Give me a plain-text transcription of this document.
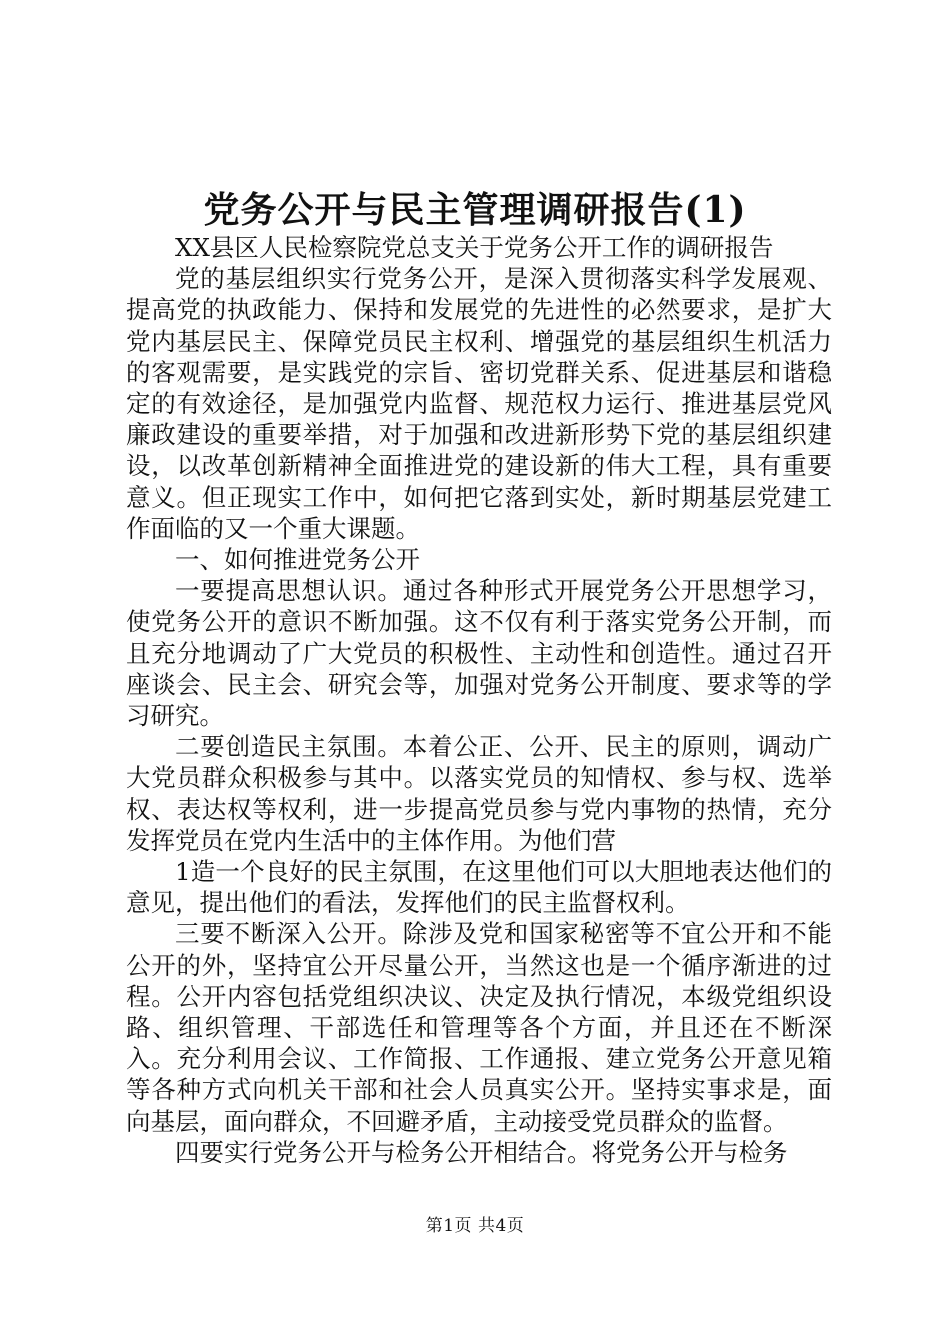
党务公开与民主管理调研报告(1)

XX县区人民检察院党总支关于党务公开工作的调研报告

党的基层组织实行党务公开，是深入贯彻落实科学发展观、提高党的执政能力、保持和发展党的先进性的必然要求，是扩大党内基层民主、保障党员民主权利、增强党的基层组织生机活力的客观需要，是实践党的宗旨、密切党群关系、促进基层和谐稳定的有效途径，是加强党内监督、规范权力运行、推进基层党风廉政建设的重要举措，对于加强和改进新形势下党的基层组织建设，以改革创新精神全面推进党的建设新的伟大工程，具有重要意义。但正现实工作中，如何把它落到实处，新时期基层党建工作面临的又一个重大课题。

一、如何推进党务公开

一要提高思想认识。通过各种形式开展党务公开思想学习，使党务公开的意识不断加强。这不仅有利于落实党务公开制，而且充分地调动了广大党员的积极性、主动性和创造性。通过召开座谈会、民主会、研究会等，加强对党务公开制度、要求等的学习研究。

二要创造民主氛围。本着公正、公开、民主的原则，调动广大党员群众积极参与其中。以落实党员的知情权、参与权、选举权、表达权等权利，进一步提高党员参与党内事物的热情，充分发挥党员在党内生活中的主体作用。为他们营

1造一个良好的民主氛围，在这里他们可以大胆地表达他们的意见，提出他们的看法，发挥他们的民主监督权利。

三要不断深入公开。除涉及党和国家秘密等不宜公开和不能公开的外，坚持宜公开尽量公开，当然这也是一个循序渐进的过程。公开内容包括党组织决议、决定及执行情况，本级党组织设路、组织管理、干部选任和管理等各个方面，并且还在不断深入。充分利用会议、工作简报、工作通报、建立党务公开意见箱等各种方式向机关干部和社会人员真实公开。坚持实事求是，面向基层，面向群众，不回避矛盾，主动接受党员群众的监督。

四要实行党务公开与检务公开相结合。将党务公开与检务

第1页 共4页
